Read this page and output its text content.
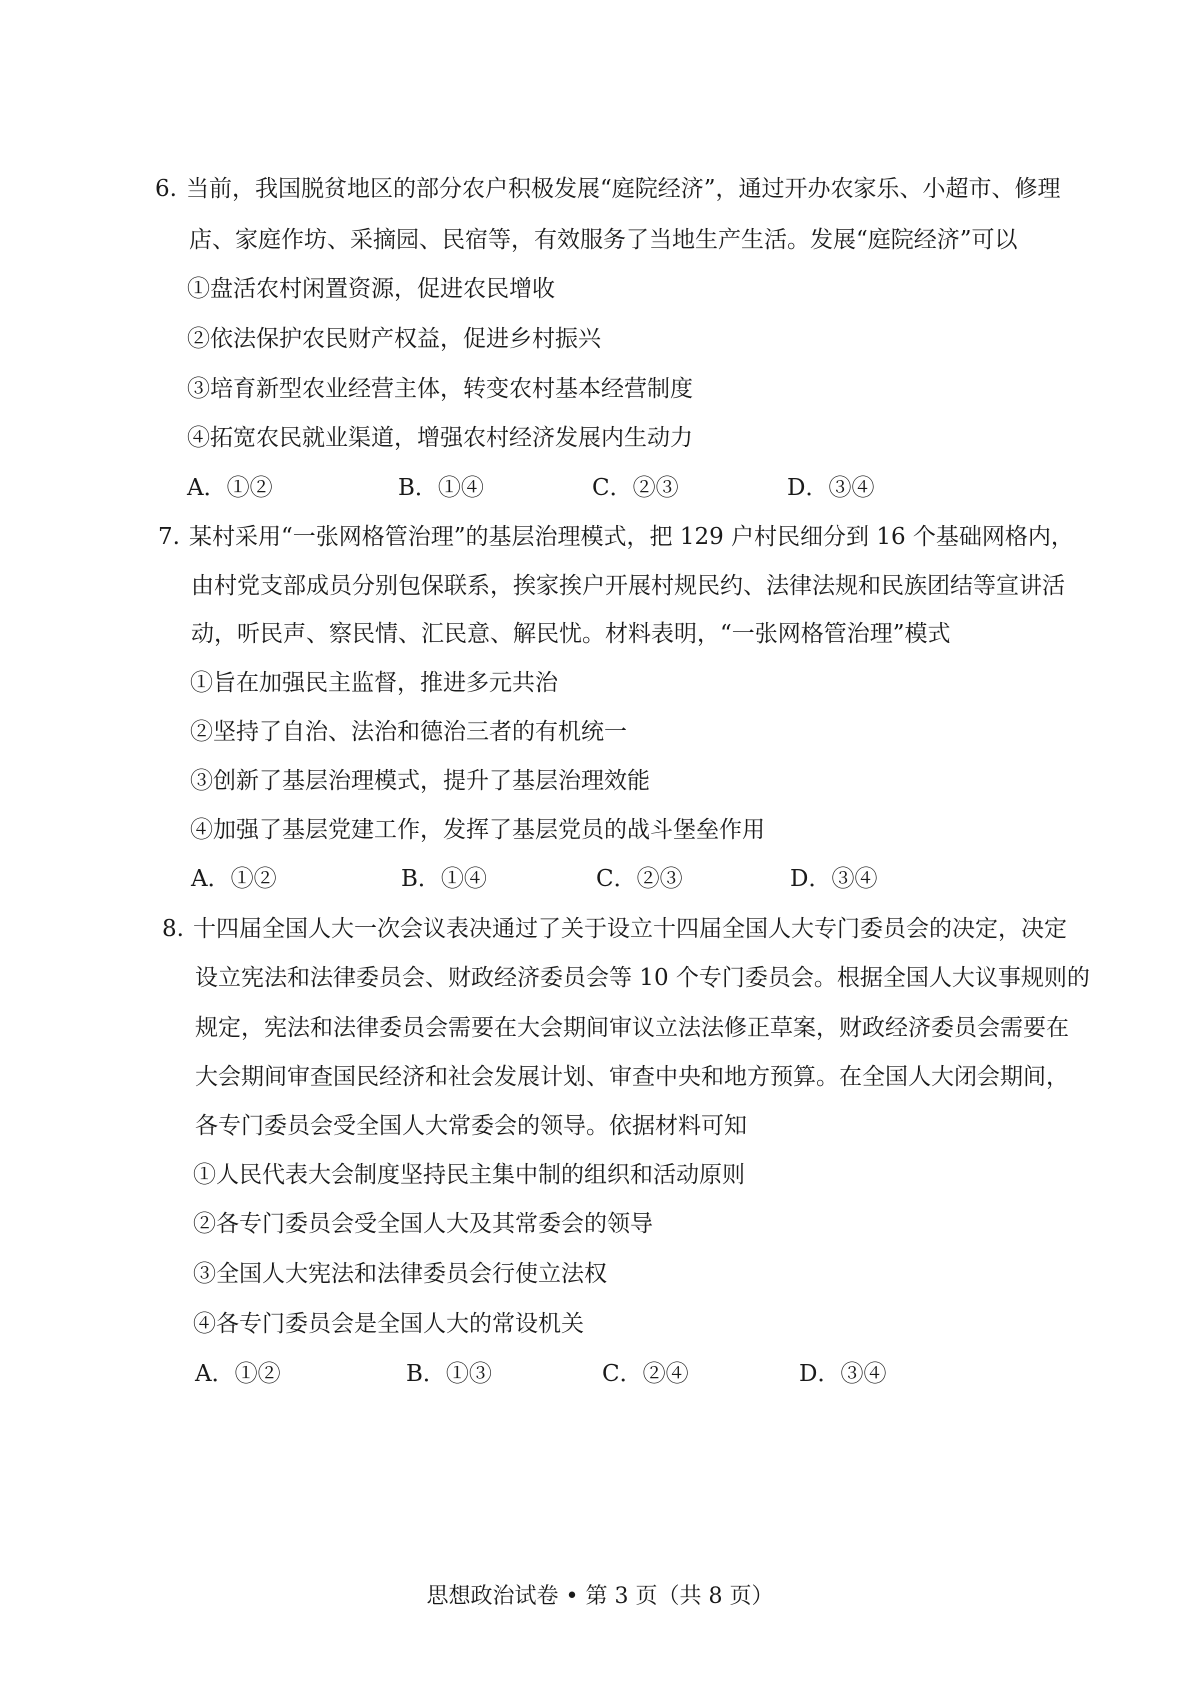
6. 当前，我国脱贫地区的部分农户积极发展“庭院经济”，通过开办农家乐、小超市、修理
店、家庭作坊、采摘园、民宿等，有效服务了当地生产生活。发展“庭院经济”可以
①盘活农村闲置资源，促进农民增收
②依法保护农民财产权益，促进乡村振兴
③培育新型农业经营主体，转变农村基本经营制度
④拓宽农民就业渠道，增强农村经济发展内生动力
A．①②	B．①④	C．②③	D．③④
7. 某村采用“一张网格管治理”的基层治理模式，把 129 户村民细分到 16 个基础网格内，
由村党支部成员分别包保联系，挨家挨户开展村规民约、法律法规和民族团结等宣讲活
动，听民声、察民情、汇民意、解民忧。材料表明，“一张网格管治理”模式
①旨在加强民主监督，推进多元共治
②坚持了自治、法治和德治三者的有机统一
③创新了基层治理模式，提升了基层治理效能
④加强了基层党建工作，发挥了基层党员的战斗堡垒作用
A．①②	B．①④	C．②③	D．③④
8. 十四届全国人大一次会议表决通过了关于设立十四届全国人大专门委员会的决定，决定
设立宪法和法律委员会、财政经济委员会等 10 个专门委员会。根据全国人大议事规则的
规定，宪法和法律委员会需要在大会期间审议立法法修正草案，财政经济委员会需要在
大会期间审查国民经济和社会发展计划、审查中央和地方预算。在全国人大闭会期间，
各专门委员会受全国人大常委会的领导。依据材料可知
①人民代表大会制度坚持民主集中制的组织和活动原则
②各专门委员会受全国人大及其常委会的领导
③全国人大宪法和法律委员会行使立法权
④各专门委员会是全国人大的常设机关
A．①②	B．①③	C．②④	D．③④
思想政治试卷 • 第 3 页（共 8 页）
